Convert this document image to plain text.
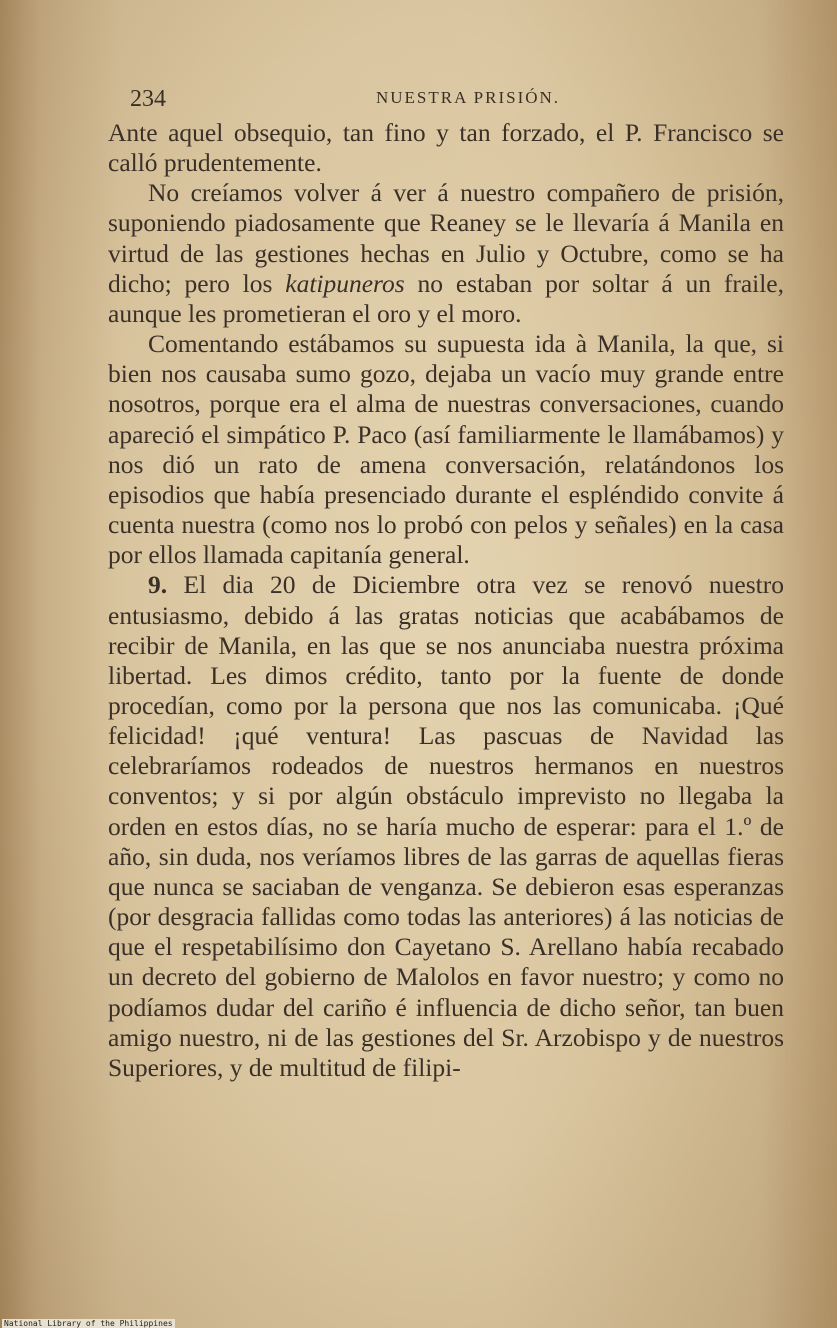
234	NUESTRA PRISIÓN.

Ante aquel obsequio, tan fino y tan forzado, el P. Francisco se calló prudentemente.

No creíamos volver á ver á nuestro compañero de prisión, suponiendo piadosamente que Reaney se le llevaría á Manila en virtud de las gestiones hechas en Julio y Octubre, como se ha dicho; pero los katipuneros no estaban por soltar á un fraile, aunque les prometieran el oro y el moro.

Comentando estábamos su supuesta ida à Manila, la que, si bien nos causaba sumo gozo, dejaba un vacío muy grande entre nosotros, porque era el alma de nuestras conversaciones, cuando apareció el simpático P. Paco (así familiarmente le llamábamos) y nos dió un rato de amena conversación, relatándonos los episodios que había presenciado durante el espléndido convite á cuenta nuestra (como nos lo probó con pelos y señales) en la casa por ellos llamada capitanía general.

9. El dia 20 de Diciembre otra vez se renovó nuestro entusiasmo, debido á las gratas noticias que acabábamos de recibir de Manila, en las que se nos anunciaba nuestra próxima libertad. Les dimos crédito, tanto por la fuente de donde procedían, como por la persona que nos las comunicaba. ¡Qué felicidad! ¡qué ventura! Las pascuas de Navidad las celebraríamos rodeados de nuestros hermanos en nuestros conventos; y si por algún obstáculo imprevisto no llegaba la orden en estos días, no se haría mucho de esperar: para el 1.º de año, sin duda, nos veríamos libres de las garras de aquellas fieras que nunca se saciaban de venganza. Se debieron esas esperanzas (por desgracia fallidas como todas las anteriores) á las noticias de que el respetabilísimo don Cayetano S. Arellano había recabado un decreto del gobierno de Malolos en favor nuestro; y como no podíamos dudar del cariño é influencia de dicho señor, tan buen amigo nuestro, ni de las gestiones del Sr. Arzobispo y de nuestros Superiores, y de multitud de filipi-

National Library of the Philippines
